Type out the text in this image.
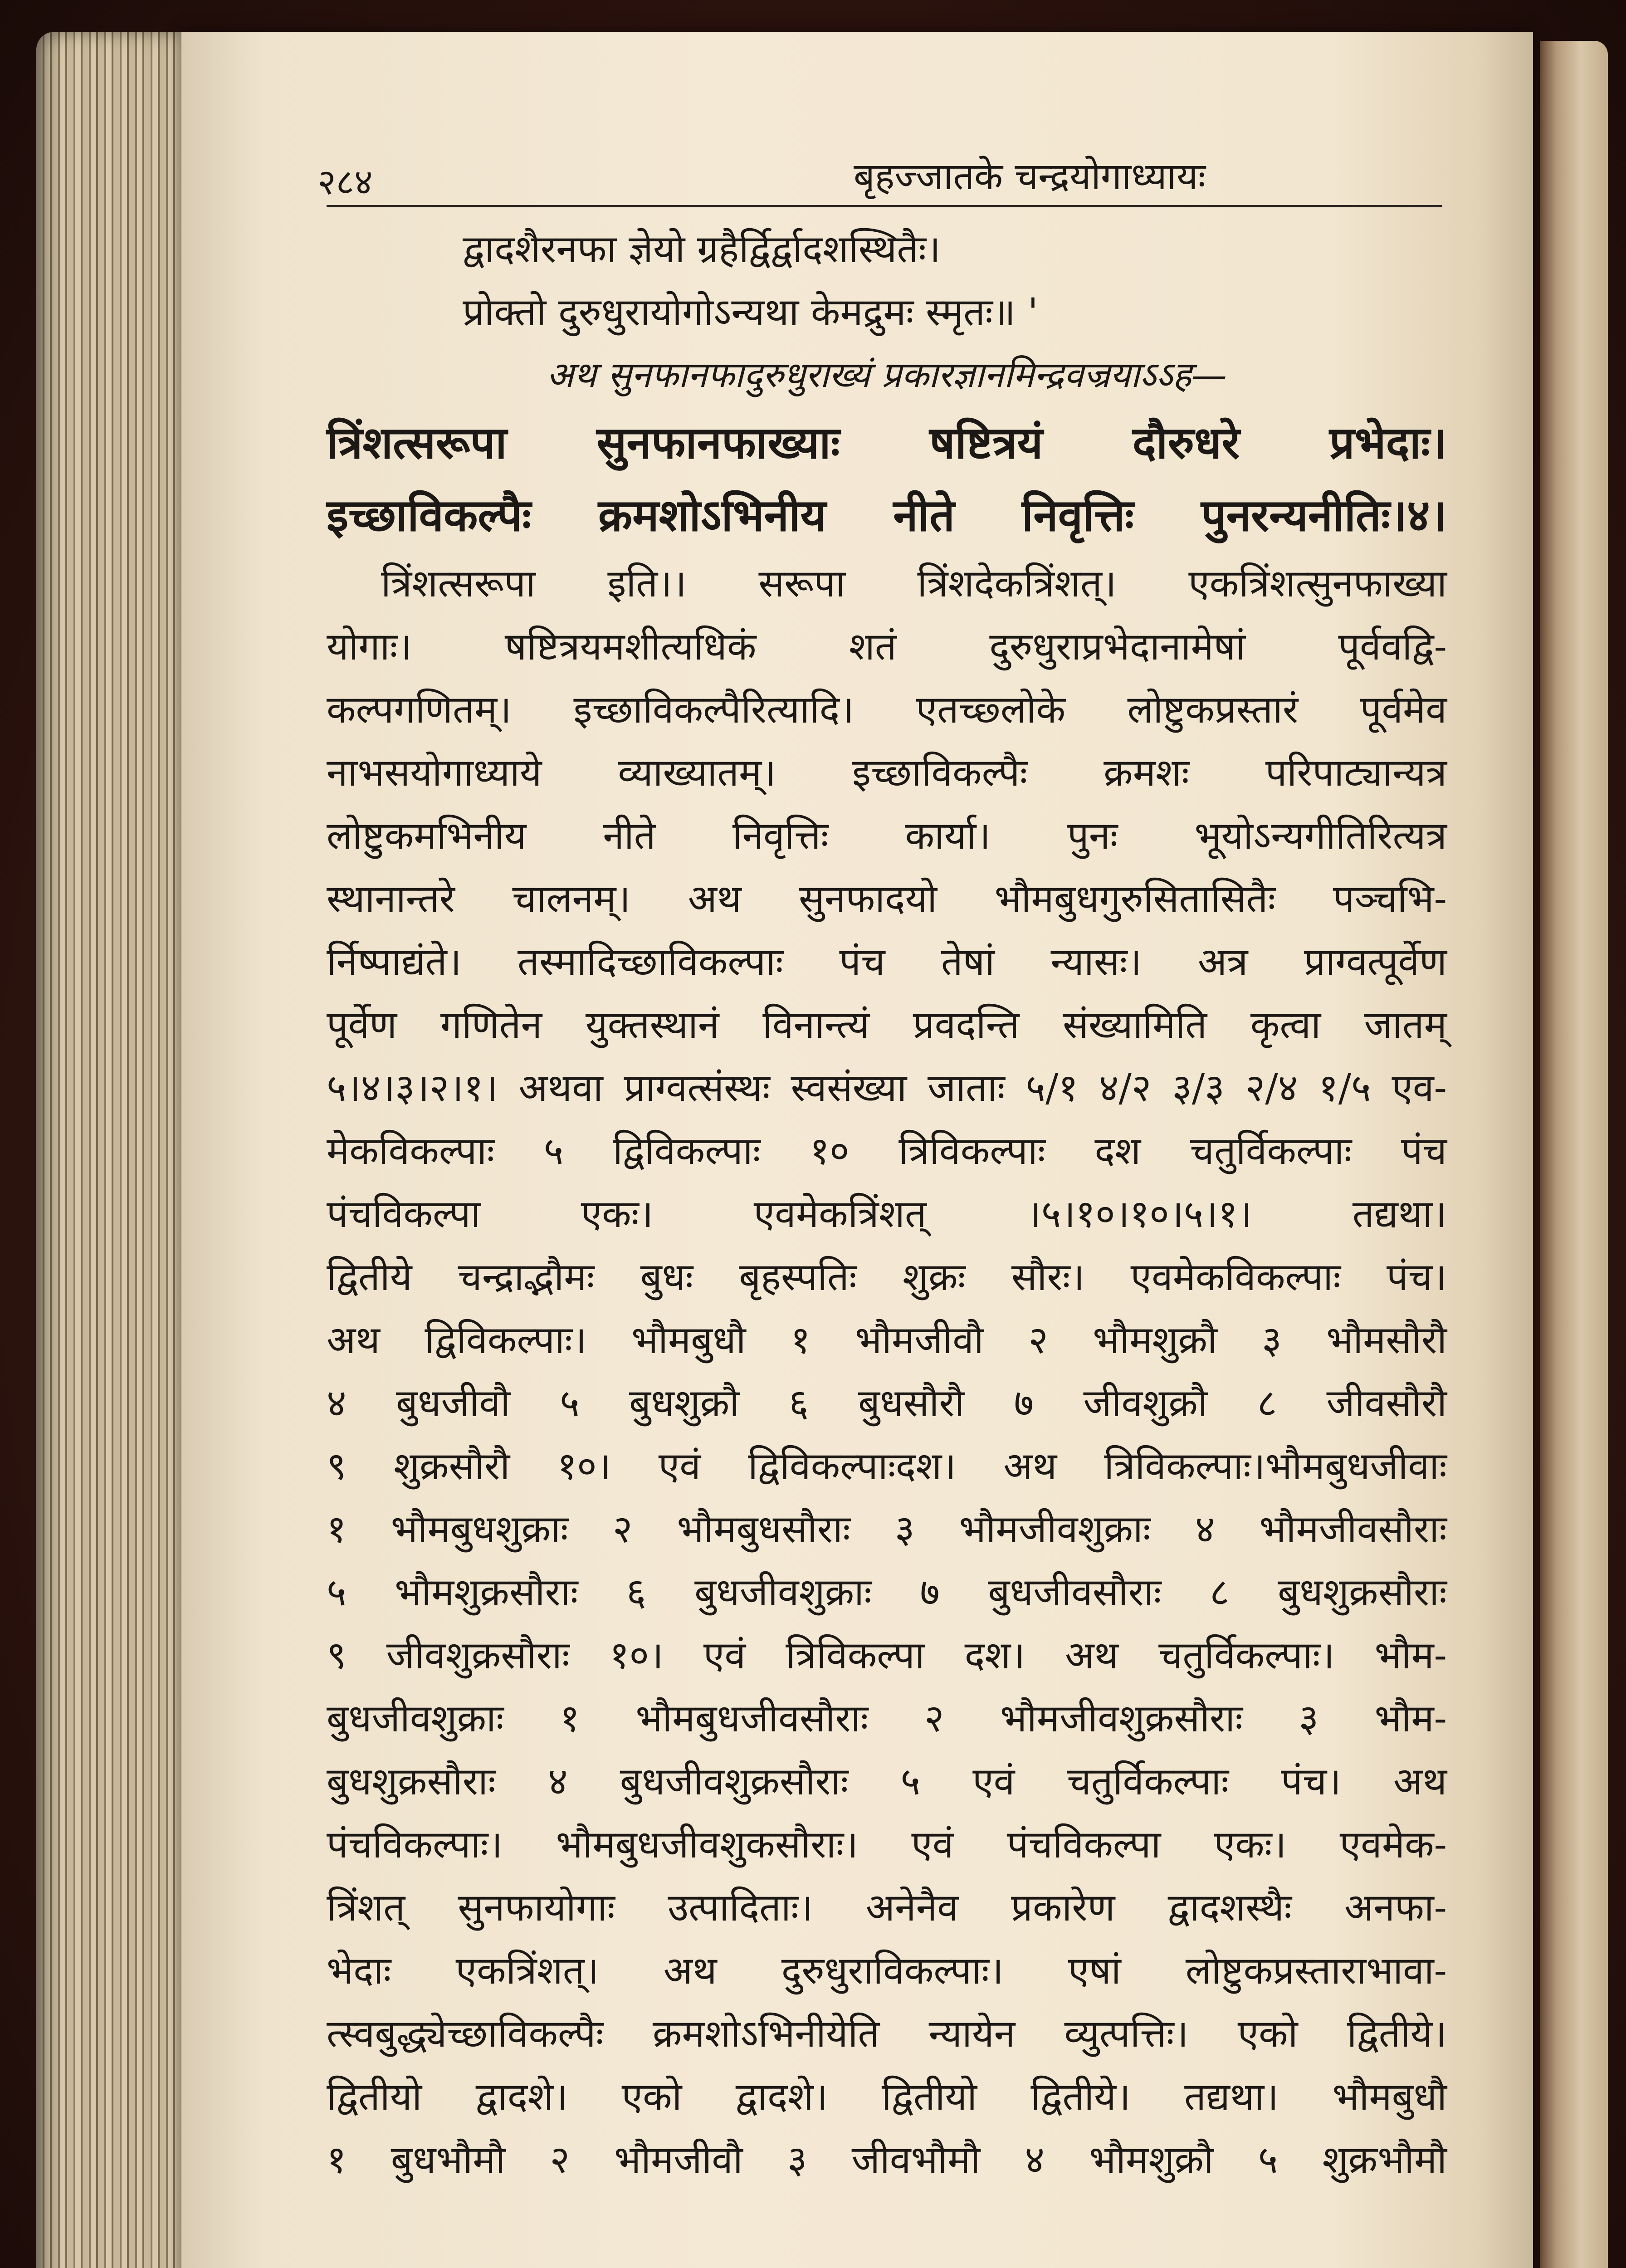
२८४	बृहज्जातके चन्द्रयोगाध्यायः
द्वादशैरनफा ज्ञेयो ग्रहैर्द्विर्द्वादशस्थितैः।
प्रोक्तो दुरुधुरायोगोऽन्यथा केमद्रुमः स्मृतः॥ '
अथ सुनफानफादुरुधुराख्यं प्रकारज्ञानमिन्द्रवज्रयाऽऽह—
त्रिंशत्सरूपा सुनफानफाख्याः षष्टित्रयं दौरुधरे प्रभेदाः।
इच्छाविकल्पैः क्रमशोऽभिनीय नीते निवृत्तिः पुनरन्यनीतिः।४।
त्रिंशत्सरूपा इति।। सरूपा त्रिंशदेकत्रिंशत्। एकत्रिंशत्सुनफाख्या
योगाः। षष्टित्रयमशीत्यधिकं शतं दुरुधुराप्रभेदानामेषां पूर्ववद्वि-
कल्पगणितम्। इच्छाविकल्पैरित्यादि। एतच्छ्लोके लोष्टुकप्रस्तारं पूर्वमेव
नाभसयोगाध्याये व्याख्यातम्। इच्छाविकल्पैः क्रमशः परिपाट्यान्यत्र
लोष्टुकमभिनीय नीते निवृत्तिः कार्या। पुनः भूयोऽन्यगीतिरित्यत्र
स्थानान्तरे चालनम्। अथ सुनफादयो भौमबुधगुरुसितासितैः पञ्चभि-
र्निष्पाद्यंते। तस्मादिच्छाविकल्पाः पंच तेषां न्यासः। अत्र प्राग्वत्पूर्वेण
पूर्वेण गणितेन युक्तस्थानं विनान्त्यं प्रवदन्ति संख्यामिति कृत्वा जातम्
५।४।३।२।१। अथवा प्राग्वत्संस्थः स्वसंख्या जाताः ५/१ ४/२ ३/३ २/४ १/५ एव-
मेकविकल्पाः ५ द्विविकल्पाः १० त्रिविकल्पाः दश चतुर्विकल्पाः पंच
पंचविकल्पा एकः। एवमेकत्रिंशत् ।५।१०।१०।५।१। तद्यथा।
द्वितीये चन्द्राद्भौमः बुधः बृहस्पतिः शुक्रः सौरः। एवमेकविकल्पाः पंच।
अथ द्विविकल्पाः। भौमबुधौ १ भौमजीवौ २ भौमशुक्रौ ३ भौमसौरौ
४ बुधजीवौ ५ बुधशुक्रौ ६ बुधसौरौ ७ जीवशुक्रौ ८ जीवसौरौ
९ शुक्रसौरौ १०। एवं द्विविकल्पाःदश। अथ त्रिविकल्पाः।भौमबुधजीवाः
१ भौमबुधशुक्राः २ भौमबुधसौराः ३ भौमजीवशुक्राः ४ भौमजीवसौराः
५ भौमशुक्रसौराः ६ बुधजीवशुक्राः ७ बुधजीवसौराः ८ बुधशुक्रसौराः
९ जीवशुक्रसौराः १०। एवं त्रिविकल्पा दश। अथ चतुर्विकल्पाः। भौम-
बुधजीवशुक्राः १ भौमबुधजीवसौराः २ भौमजीवशुक्रसौराः ३ भौम-
बुधशुक्रसौराः ४ बुधजीवशुक्रसौराः ५ एवं चतुर्विकल्पाः पंच। अथ
पंचविकल्पाः। भौमबुधजीवशुकसौराः। एवं पंचविकल्पा एकः। एवमेक-
त्रिंशत् सुनफायोगाः उत्पादिताः। अनेनैव प्रकारेण द्वादशस्थैः अनफा-
भेदाः एकत्रिंशत्। अथ दुरुधुराविकल्पाः। एषां लोष्टुकप्रस्ताराभावा-
त्स्वबुद्ध्येच्छाविकल्पैः क्रमशोऽभिनीयेति न्यायेन व्युत्पत्तिः। एको द्वितीये।
द्वितीयो द्वादशे। एको द्वादशे। द्वितीयो द्वितीये। तद्यथा। भौमबुधौ
१ बुधभौमौ २ भौमजीवौ ३ जीवभौमौ ४ भौमशुक्रौ ५ शुक्रभौमौ
